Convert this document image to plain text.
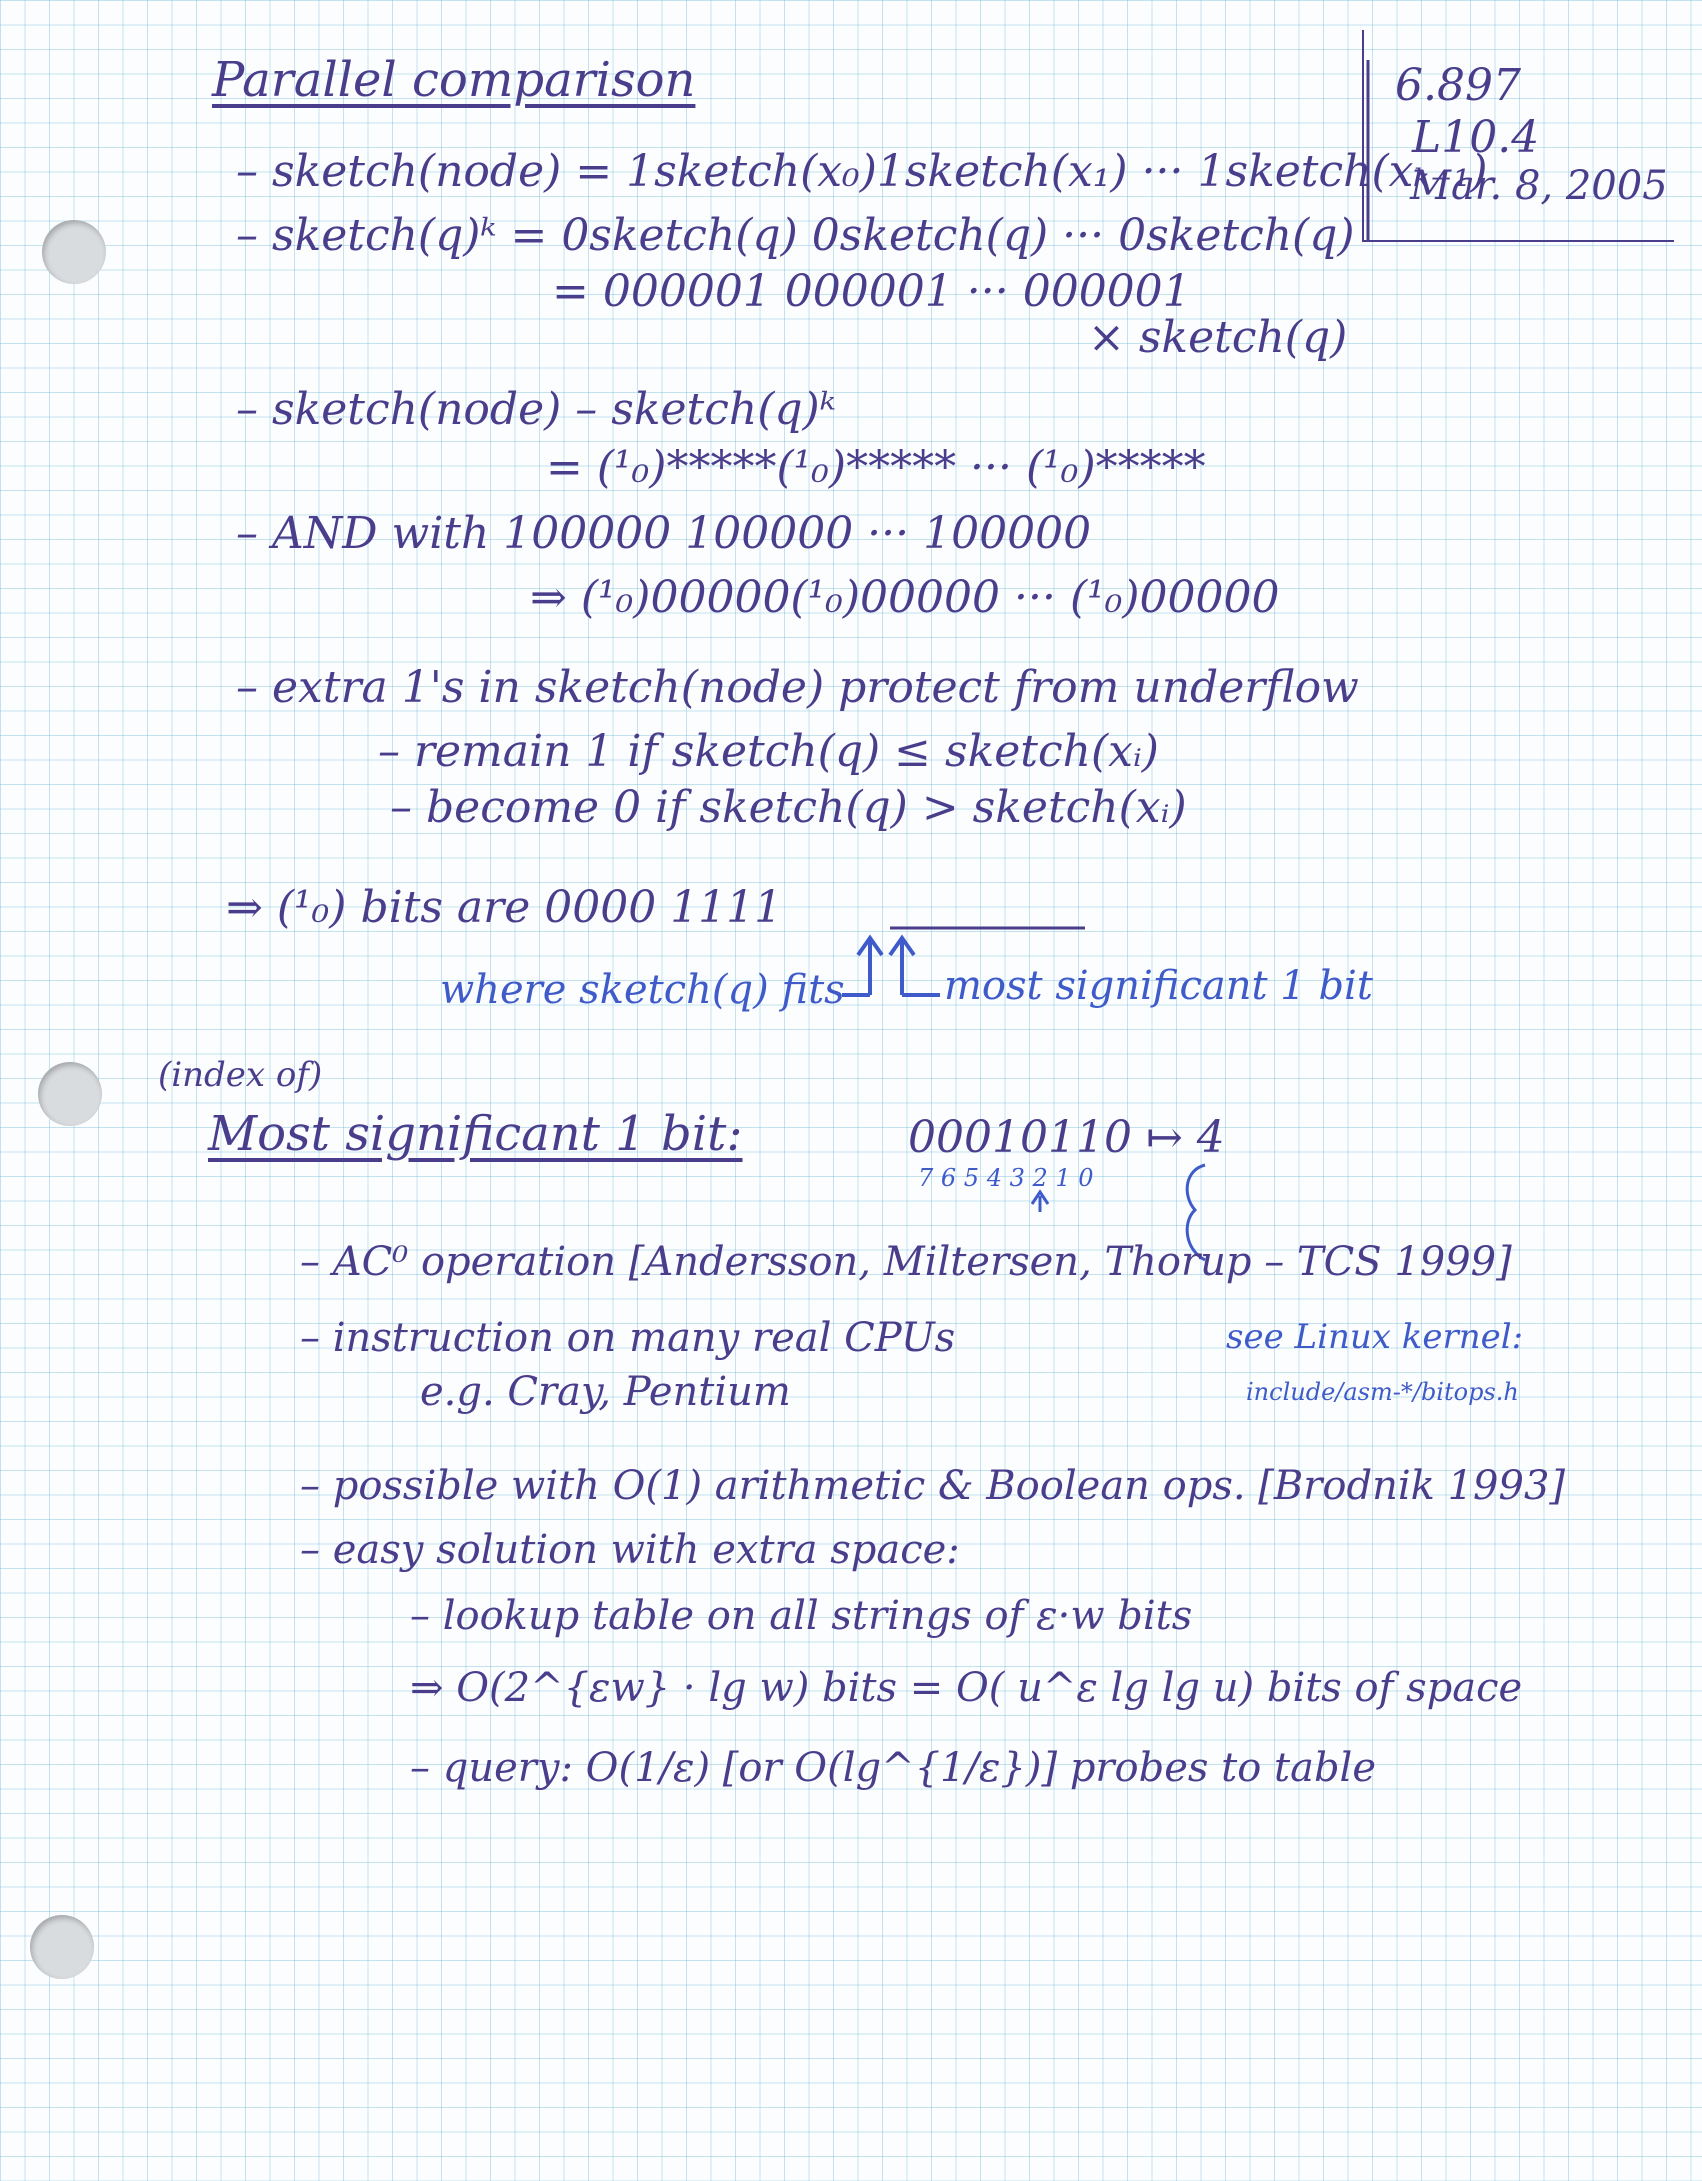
6.897
L10.4
Mar. 8, 2005
Parallel comparison
– sketch(node) = 1sketch(x₀)1sketch(x₁) ··· 1sketch(xₖ₋₁)
– sketch(q)ᵏ = 0sketch(q) 0sketch(q) ··· 0sketch(q)
= 000001 000001 ··· 000001
× sketch(q)
– sketch(node) – sketch(q)ᵏ
= (¹₀)*****(¹₀)***** ··· (¹₀)*****
– AND with 100000 100000 ··· 100000
⇒ (¹₀)00000(¹₀)00000 ··· (¹₀)00000
– extra 1's in sketch(node) protect from underflow
– remain 1 if sketch(q) ≤ sketch(xᵢ)
– become 0 if sketch(q) > sketch(xᵢ)
⇒ (¹₀) bits are 0000 1111
where sketch(q) fits most significant 1 bit
(index of)
Most significant 1 bit:	00010110 ↦ 4
7 6 5 4 3 2 1 0
– AC⁰ operation [Andersson, Miltersen, Thorup – TCS 1999]
– instruction on many real CPUs
e.g. Cray, Pentium
see Linux kernel:
include/asm-*/bitops.h
– possible with O(1) arithmetic & Boolean ops. [Brodnik 1993]
– easy solution with extra space:
– lookup table on all strings of ε·w bits
⇒ O(2^{εw} · lg w) bits = O( u^ε lg lg u) bits of space
– query: O(1/ε) [or O(lg^{1/ε})] probes to table
